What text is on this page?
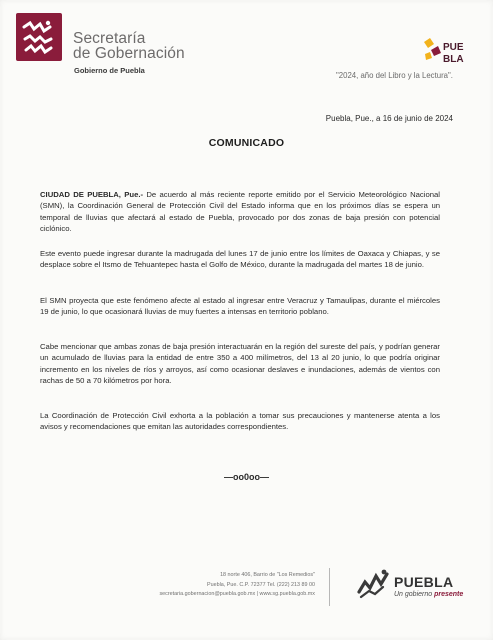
Secretaría
de Gobernación
Gobierno de Puebla
PUE
BLA
"2024, año del Libro y la Lectura".
Puebla, Pue., a 16 de junio de 2024
COMUNICADO
CIUDAD DE PUEBLA, Pue.- De acuerdo al más reciente reporte emitido por el Servicio Meteorológico Nacional (SMN), la Coordinación General de Protección Civil del Estado informa que en los próximos días se espera un temporal de lluvias que afectará al estado de Puebla, provocado por dos zonas de baja presión con potencial ciclónico.
Este evento puede ingresar durante la madrugada del lunes 17 de junio entre los límites de Oaxaca y Chiapas, y se desplace sobre el Itsmo de Tehuantepec hasta el Golfo de México, durante la madrugada del martes 18 de junio.
El SMN proyecta que este fenómeno afecte al estado al ingresar entre Veracruz y Tamaulipas, durante el miércoles 19 de junio, lo que ocasionará lluvias de muy fuertes a intensas en territorio poblano.
Cabe mencionar que ambas zonas de baja presión interactuarán en la región del sureste del país, y podrían generar un acumulado de lluvias para la entidad de entre 350 a 400 milímetros, del 13 al 20 junio, lo que podría originar incremento en los niveles de ríos y arroyos, así como ocasionar deslaves e inundaciones, además de vientos con rachas de 50 a 70 kilómetros por hora.
La Coordinación de Protección Civil exhorta a la población a tomar sus precauciones y mantenerse atenta a los avisos y recomendaciones que emitan las autoridades correspondientes.
—oo0oo—
18 norte 406, Barrio de "Los Remedios"
Puebla, Pue. C.P. 72377 Tel. (222) 213 89 00
secretaria.gobernacion@puebla.gob.mx | www.sg.puebla.gob.mx
PUEBLA
Un gobierno presente
